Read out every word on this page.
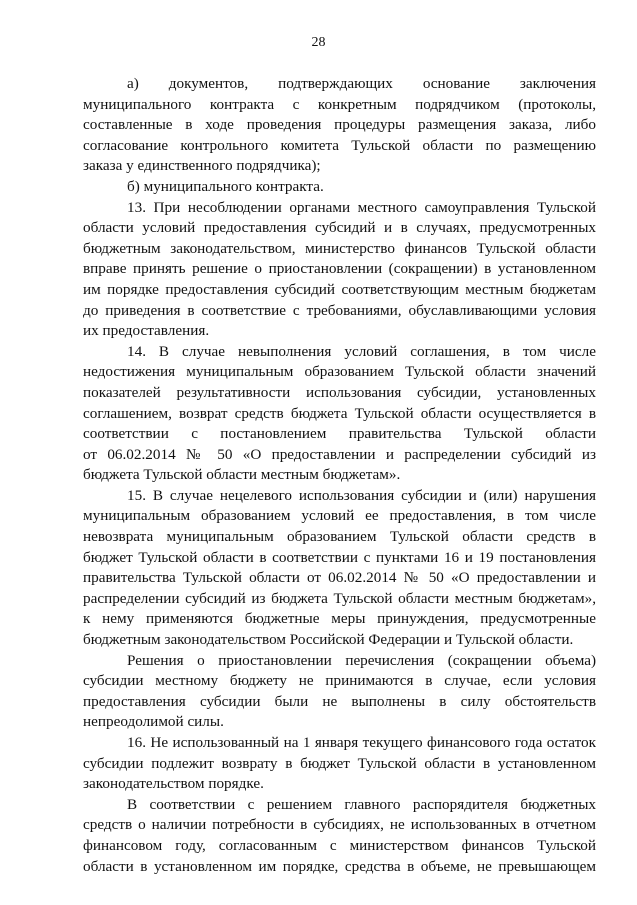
28
а) документов, подтверждающих основание заключения
муниципального контракта с конкретным подрядчиком (протоколы,
составленные в ходе проведения процедуры размещения заказа, либо
согласование контрольного комитета Тульской области по размещению
заказа у единственного подрядчика);
б) муниципального контракта.
13. При несоблюдении органами местного самоуправления Тульской
области условий предоставления субсидий и в случаях, предусмотренных
бюджетным законодательством, министерство финансов Тульской области
вправе принять решение о приостановлении (сокращении) в установленном
им порядке предоставления субсидий соответствующим местным бюджетам
до приведения в соответствие с требованиями, обуславливающими условия
их предоставления.
14. В случае невыполнения условий соглашения, в том числе
недостижения муниципальным образованием Тульской области значений
показателей результативности использования субсидии, установленных
соглашением, возврат средств бюджета Тульской области осуществляется в
соответствии с постановлением правительства Тульской области
от 06.02.2014 № 50 «О предоставлении и распределении субсидий из
бюджета Тульской области местным бюджетам».
15. В случае нецелевого использования субсидии и (или) нарушения
муниципальным образованием условий ее предоставления, в том числе
невозврата муниципальным образованием Тульской области средств в
бюджет Тульской области в соответствии с пунктами 16 и 19 постановления
правительства Тульской области от 06.02.2014 № 50 «О предоставлении и
распределении субсидий из бюджета Тульской области местным бюджетам»,
к нему применяются бюджетные меры принуждения, предусмотренные
бюджетным законодательством Российской Федерации и Тульской области.
Решения о приостановлении перечисления (сокращении объема)
субсидии местному бюджету не принимаются в случае, если условия
предоставления субсидии были не выполнены в силу обстоятельств
непреодолимой силы.
16. Не использованный на 1 января текущего финансового года остаток
субсидии подлежит возврату в бюджет Тульской области в установленном
законодательством порядке.
В соответствии с решением главного распорядителя бюджетных
средств о наличии потребности в субсидиях, не использованных в отчетном
финансовом году, согласованным с министерством финансов Тульской
области в установленном им порядке, средства в объеме, не превышающем
